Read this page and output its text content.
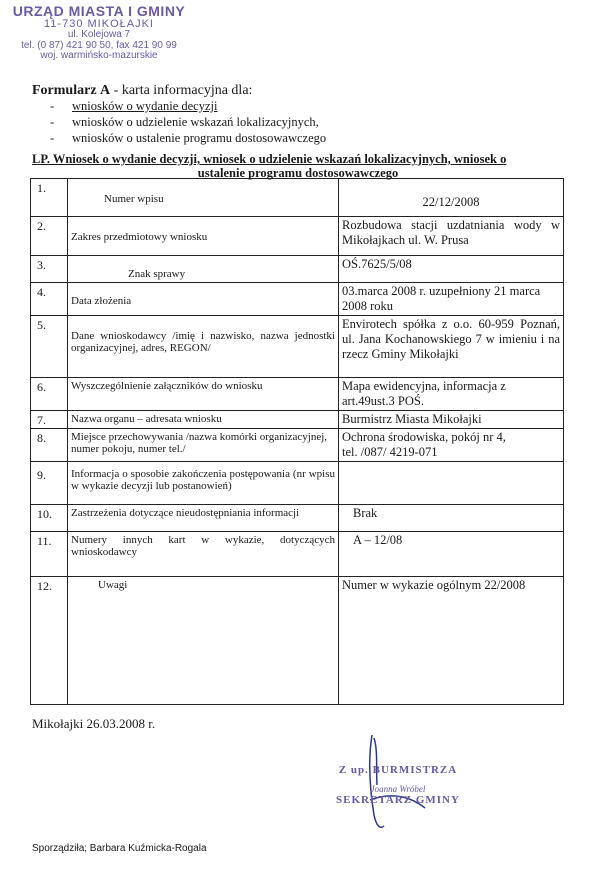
URZĄD MIASTA I GMINY
11-730 MIKOŁAJKI
ul. Kolejowa 7
tel. (0 87) 421 90 50, fax 421 90 99
woj. warmińsko-mazurskie
Formularz A - karta informacyjna dla:
-	wniosków o wydanie decyzji
-	wniosków o udzielenie wskazań lokalizacyjnych,
-	wniosków o ustalenie programu dostosowawczego
LP. Wniosek o wydanie decyzji, wniosek o udzielenie wskazań lokalizacyjnych, wniosek o
ustalenie programu dostosowawczego
1.	Numer wpisu	22/12/2008
2.	Zakres przedmiotowy wniosku	Rozbudowa stacji uzdatniania wody w Mikołajkach ul. W. Prusa
3.	Znak sprawy	OŚ.7625/5/08
4.	Data złożenia	03.marca 2008 r. uzupełniony 21 marca 2008 roku
5.	Dane wnioskodawcy /imię i nazwisko, nazwa jednostki organizacyjnej, adres, REGON/	Envirotech spółka z o.o. 60-959 Poznań, ul. Jana Kochanowskiego 7 w imieniu i na rzecz Gminy Mikołajki
6.	Wyszczególnienie załączników do wniosku	Mapa ewidencyjna, informacja z art.49ust.3 POŚ.
7.	Nazwa organu – adresata wniosku	Burmistrz Miasta Mikołajki
8.	Miejsce przechowywania /nazwa komórki organizacyjnej, numer pokoju, numer tel./	Ochrona środowiska, pokój nr 4,
tel. /087/ 4219-071

9.	Informacja o sposobie zakończenia postępowania (nr wpisu w wykazie decyzji lub postanowień)	
10.	Zastrzeżenia dotyczące nieudostępniania informacji	Brak
11.	Numery innych kart w wykazie, dotyczących wnioskodawcy	A – 12/08
12.	Uwagi	Numer w wykazie ogólnym 22/2008
Mikołajki 26.03.2008 r.
Z up. BURMISTRZA
Joanna Wróbel
SEKRETARZ GMINY
Sporządziła; Barbara Kuźmicka-Rogala
